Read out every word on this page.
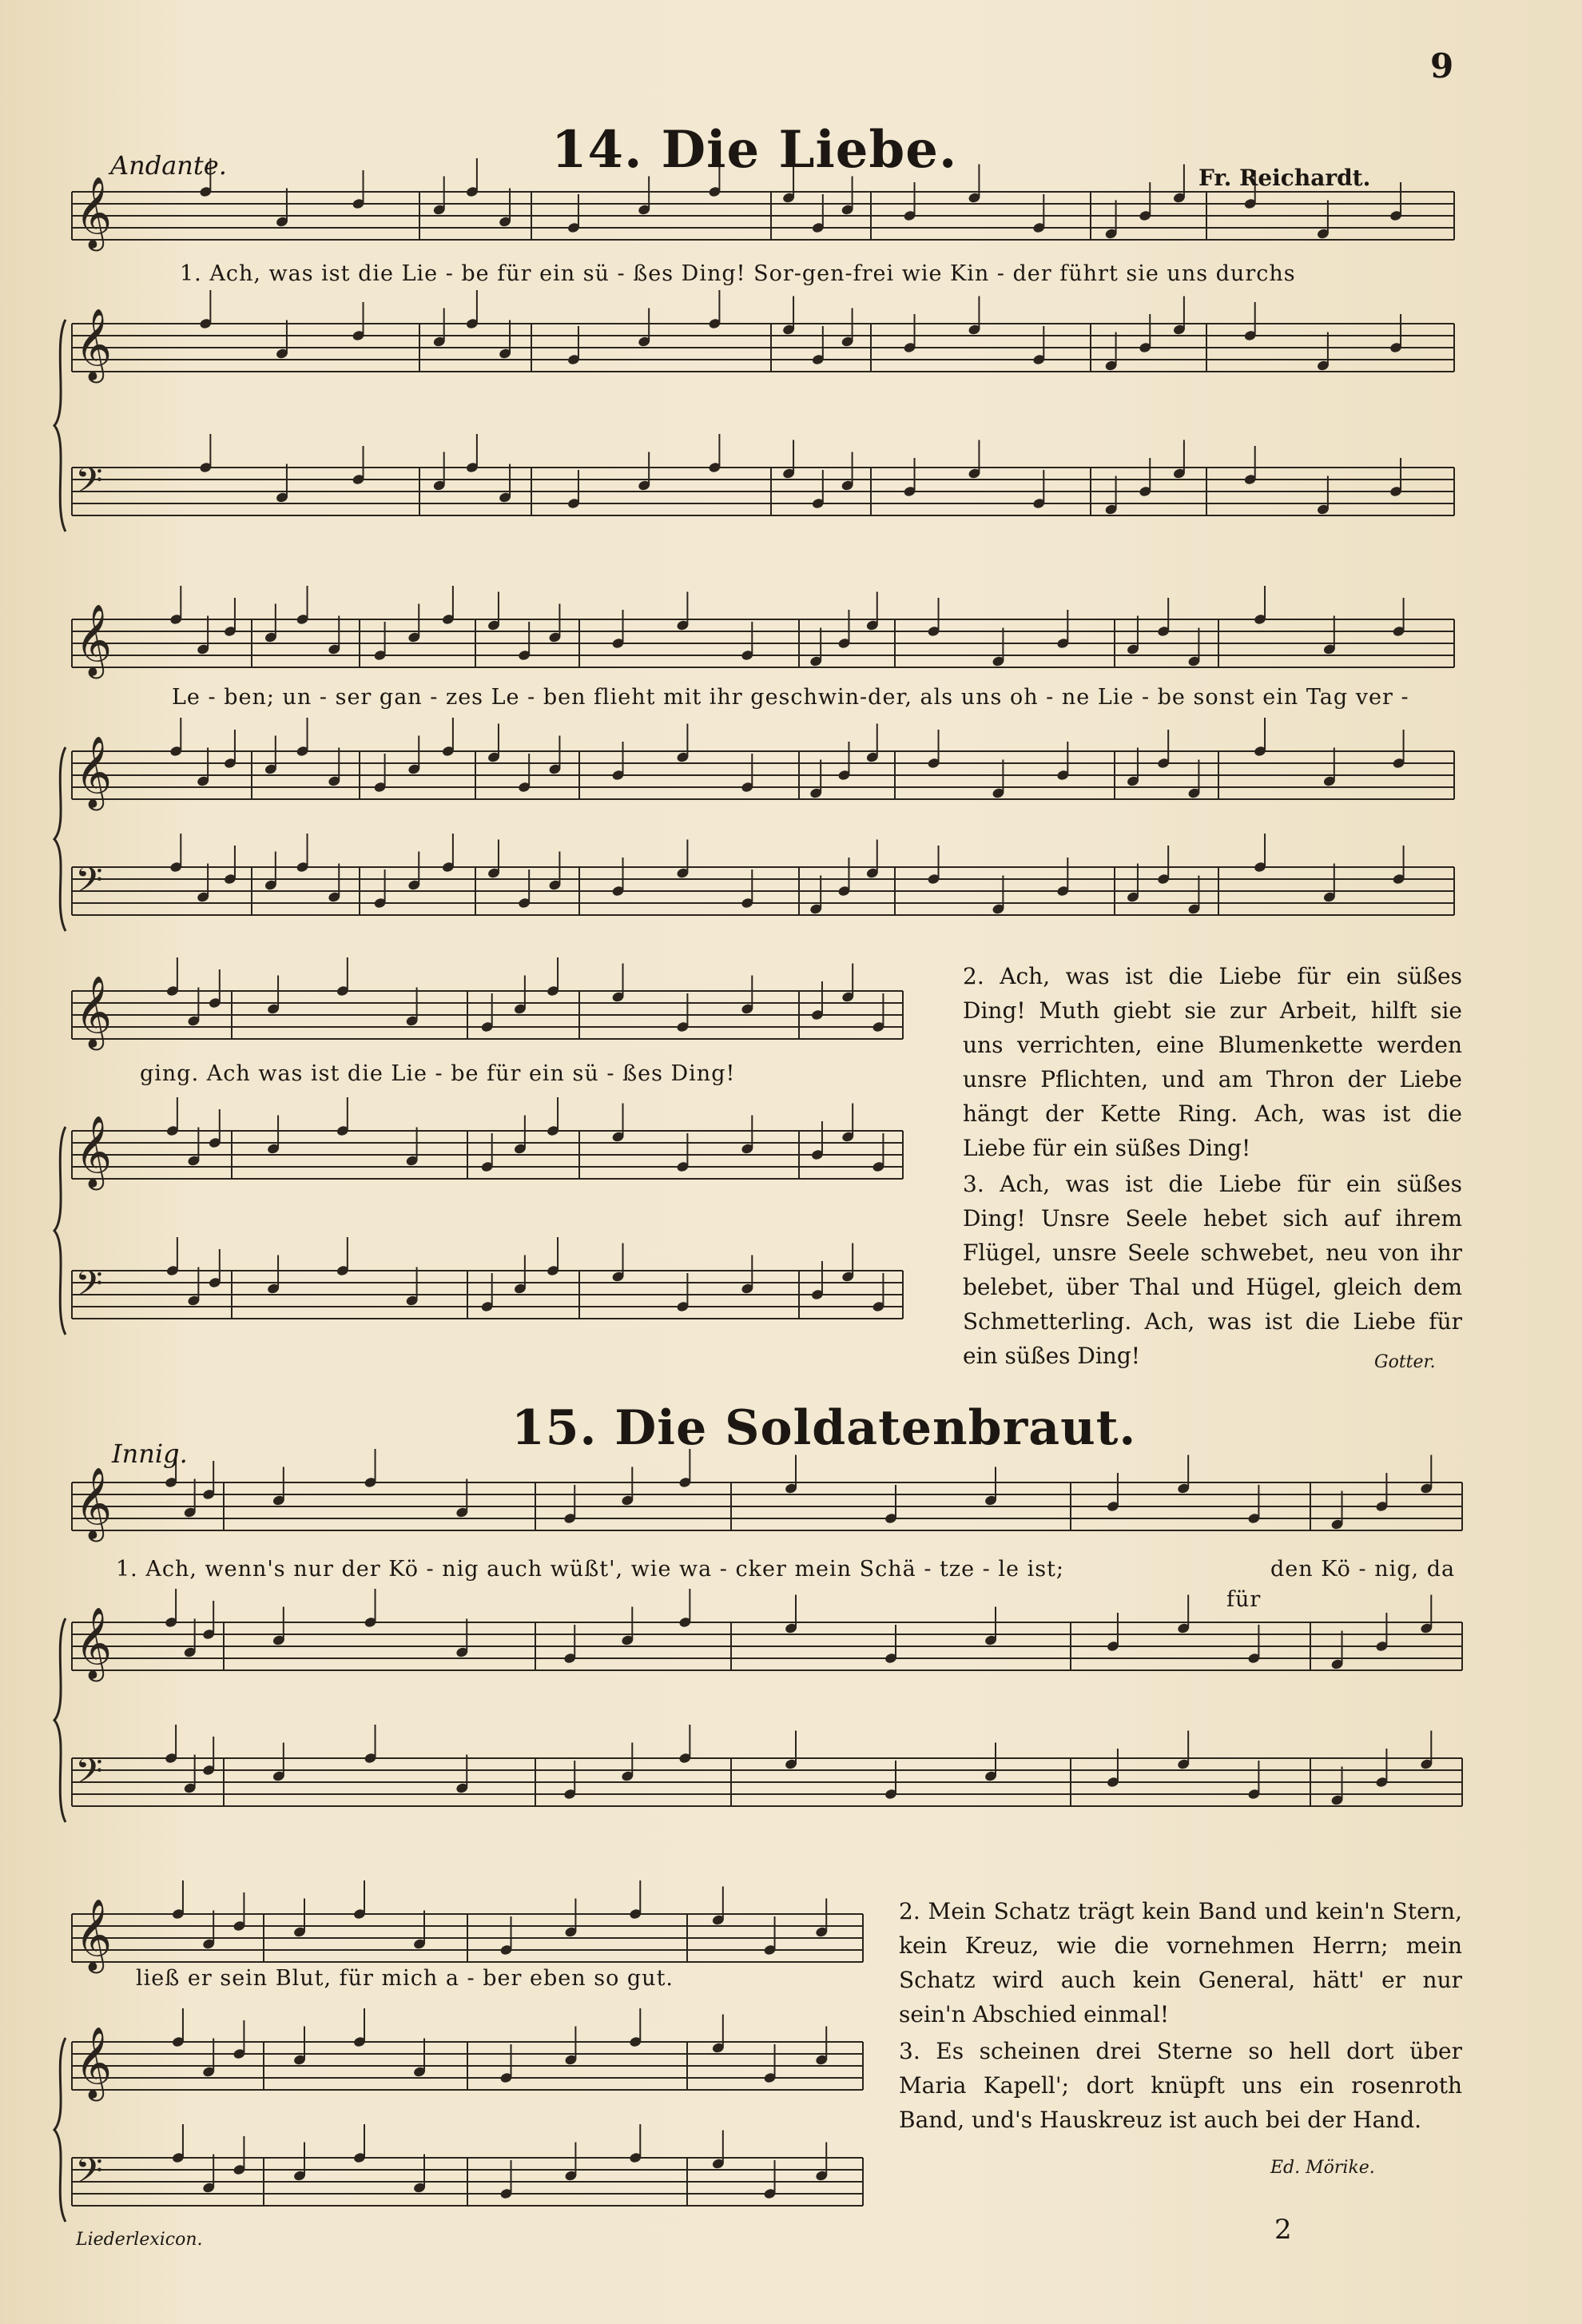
𝄞
𝄞
𝄢
𝄞
𝄞
𝄢
𝄞
𝄞
𝄢
𝄞
𝄞
𝄢
𝄞
𝄞
𝄢
9
14. Die Liebe.
Andante.	Fr. Reichardt.
1. Ach, was ist die Lie - be für ein sü - ßes Ding! Sor-gen-frei wie Kin - der führt sie uns durchs
Le - ben; un - ser gan - zes Le - ben flieht mit ihr geschwin-der, als uns oh - ne Lie - be sonst ein Tag ver -
ging. Ach was ist die Lie - be für ein sü - ßes Ding!
2. Ach, was ist die Liebe für ein süßes Ding! Muth giebt sie zur Arbeit, hilft sie uns verrichten, eine Blumenkette werden unsre Pflichten, und am Thron der Liebe hängt der Kette Ring. Ach, was ist die Liebe für ein süßes Ding!
3. Ach, was ist die Liebe für ein süßes Ding! Unsre Seele hebet sich auf ihrem Flügel, unsre Seele schwebet, neu von ihr belebet, über Thal und Hügel, gleich dem Schmetterling. Ach, was ist die Liebe für ein süßes Ding!	Gotter.
15. Die Soldatenbraut.
Innig.
1. Ach, wenn's nur der Kö - nig auch wüßt', wie wa - cker mein Schä - tze - le ist;	den Kö - nig, da
für
ließ er sein Blut, für mich a - ber eben so gut.
2. Mein Schatz trägt kein Band und kein'n Stern, kein Kreuz, wie die vornehmen Herrn; mein Schatz wird auch kein General, hätt' er nur sein'n Abschied einmal!
3. Es scheinen drei Sterne so hell dort über Maria Kapell'; dort knüpft uns ein rosenroth Band, und's Hauskreuz ist auch bei der Hand.
Ed. Mörike.
Liederlexicon.	2
